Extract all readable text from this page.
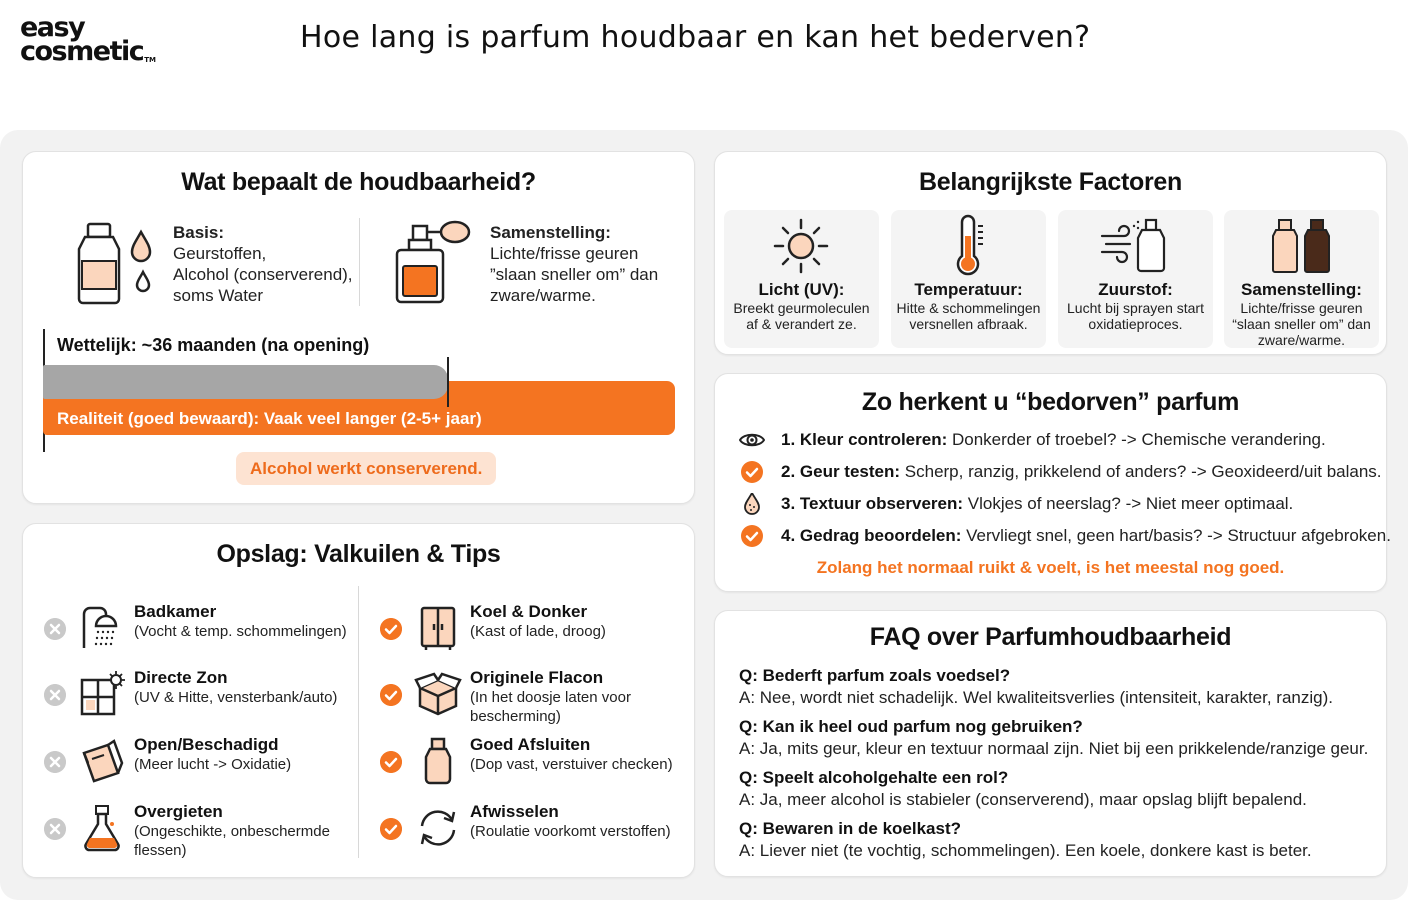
easy
cosmetic™
Hoe lang is parfum houdbaar en kan het bederven?
Wat bepaalt de houdbaarheid?
Basis:
Geurstoffen,
Alcohol (conserverend),
soms Water
Samenstelling:
Lichte/frisse geuren
”slaan sneller om” dan
zware/warme.
Wettelijk: ~36 maanden (na opening)
Realiteit (goed bewaard): Vaak veel langer (2-5+ jaar)
Alcohol werkt conserverend.
Opslag: Valkuilen & Tips
Badkamer
(Vocht & temp. schommelingen)
Directe Zon
(UV & Hitte, vensterbank/auto)
Open/Beschadigd
(Meer lucht -> Oxidatie)
Overgieten
(Ongeschikte, onbeschermde flessen)
Koel & Donker
(Kast of lade, droog)
Originele Flacon
(In het doosje laten voor bescherming)
Goed Afsluiten
(Dop vast, verstuiver checken)
Afwisselen
(Roulatie voorkomt verstoffen)
Belangrijkste Factoren
Licht (UV):
Breekt geurmoleculen af & verandert ze.
Temperatuur:
Hitte & schommelingen versnellen afbraak.
Zuurstof:
Lucht bij sprayen start oxidatieproces.
Samenstelling:
Lichte/frisse geuren “slaan sneller om” dan zware/warme.
Zo herkent u “bedorven” parfum
1. Kleur controleren: Donkerder of troebel? -> Chemische verandering.
2. Geur testen: Scherp, ranzig, prikkelend of anders? -> Geoxideerd/uit balans.
3. Textuur observeren: Vlokjes of neerslag? -> Niet meer optimaal.
4. Gedrag beoordelen: Vervliegt snel, geen hart/basis? -> Structuur afgebroken.
Zolang het normaal ruikt & voelt, is het meestal nog goed.
FAQ over Parfumhoudbaarheid
Q: Bederft parfum zoals voedsel?
A: Nee, wordt niet schadelijk. Wel kwaliteitsverlies (intensiteit, karakter, ranzig).
Q: Kan ik heel oud parfum nog gebruiken?
A: Ja, mits geur, kleur en textuur normaal zijn. Niet bij een prikkelende/ranzige geur.
Q: Speelt alcoholgehalte een rol?
A: Ja, meer alcohol is stabieler (conserverend), maar opslag blijft bepalend.
Q: Bewaren in de koelkast?
A: Liever niet (te vochtig, schommelingen). Een koele, donkere kast is beter.
